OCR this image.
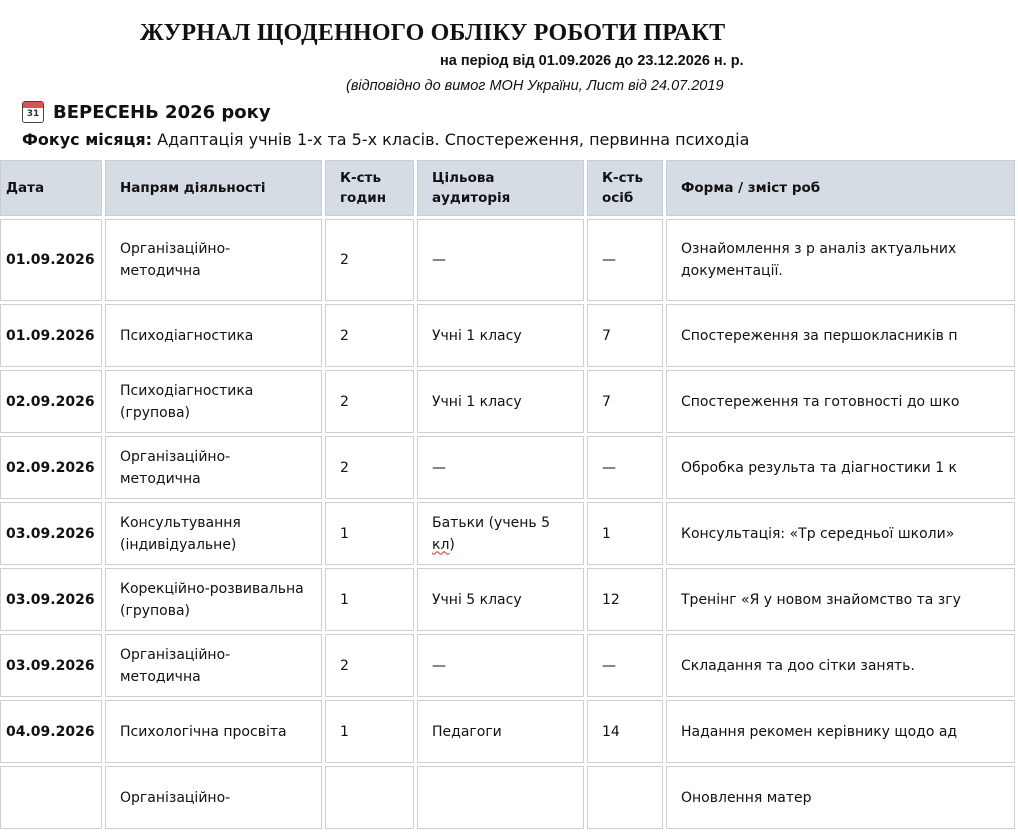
ЖУРНАЛ ЩОДЕННОГО ОБЛІКУ РОБОТИ ПРАКТ
на період від 01.09.2026 до 23.12.2026 н. р.
(відповідно до вимог МОН України, Лист від 24.07.2019
31 ВЕРЕСЕНЬ 2026 року
Фокус місяця: Адаптація учнів 1-х та 5-х класів. Спостереження, первинна психодіа
Дата	Напрям діяльності	К-сть годин	Цільова аудиторія	К-сть осіб	Форма / зміст роб
01.09.2026	Організаційно-методична	2	—	—	Ознайомлення з р аналіз актуальних документації.
01.09.2026	Психодіагностика	2	Учні 1 класу	7	Спостереження за першокласників п
02.09.2026	Психодіагностика (групова)	2	Учні 1 класу	7	Спостереження та готовності до шко
02.09.2026	Організаційно-методична	2	—	—	Обробка результа та діагностики 1 к
03.09.2026	Консультування (індивідуальне)	1	Батьки (учень 5 кл)	1	Консультація: «Тр середньої школи»
03.09.2026	Корекційно-розвивальна (групова)	1	Учні 5 класу	12	Тренінг «Я у новом знайомство та згу
03.09.2026	Організаційно-методична	2	—	—	Складання та доо сітки занять.
04.09.2026	Психологічна просвіта	1	Педагоги	14	Надання рекомен керівнику щодо ад
	Організаційно-				Оновлення матер
